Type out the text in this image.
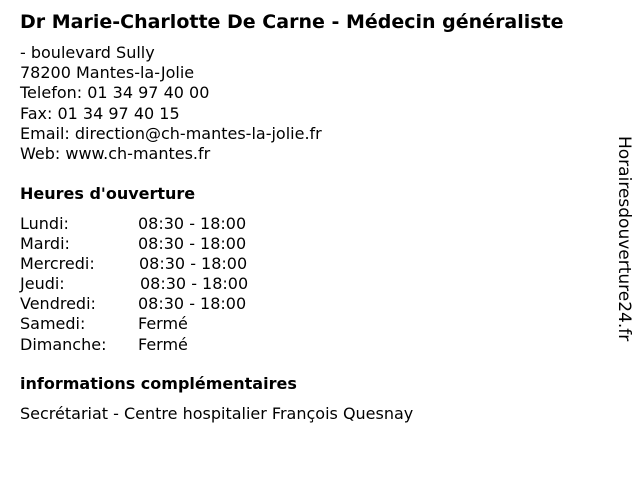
Dr Marie-Charlotte De Carne - Médecin généraliste
- boulevard Sully
78200 Mantes-la-Jolie
Telefon: 01 34 97 40 00
Fax: 01 34 97 40 15
Email: direction@ch-mantes-la-jolie.fr
Web: www.ch-mantes.fr
Heures d'ouverture
Lundi:	08:30 - 18:00
Mardi:	08:30 - 18:00
Mercredi:	08:30 - 18:00
Jeudi:	08:30 - 18:00
Vendredi:	08:30 - 18:00
Samedi:	Fermé
Dimanche: Fermé
informations complémentaires
Secrétariat - Centre hospitalier François Quesnay
Horairesdouverture24.fr
